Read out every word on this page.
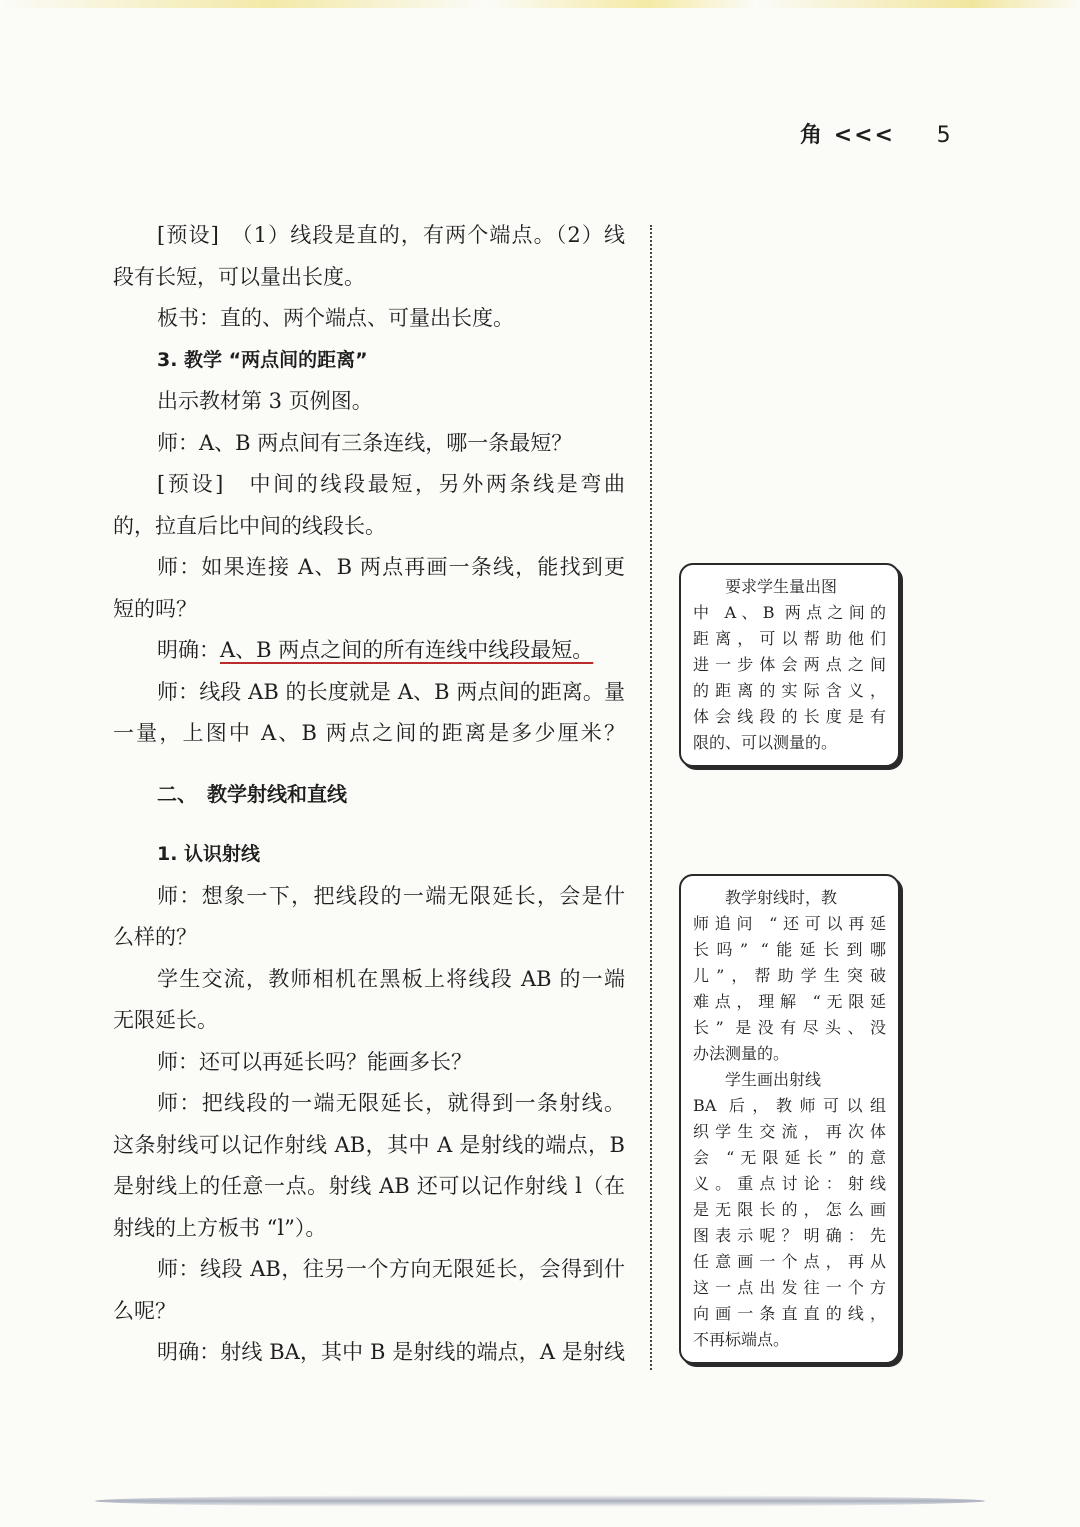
角 <<< 5
[预设]　（1）线段是直的，有两个端点。（2）线
段有长短，可以量出长度。
板书：直的、两个端点、可量出长度。
3. 教学 “两点间的距离”
出示教材第 3 页例图。
师：A、B 两点间有三条连线，哪一条最短？
[预设]　中间的线段最短，另外两条线是弯曲
的，拉直后比中间的线段长。
师：如果连接 A、B 两点再画一条线，能找到更
短的吗？
明确：A、B 两点之间的所有连线中线段最短。
师：线段 AB 的长度就是 A、B 两点间的距离。量
一量，上图中 A、B 两点之间的距离是多少厘米？
二、　教学射线和直线
1. 认识射线
师：想象一下，把线段的一端无限延长，会是什
么样的？
学生交流，教师相机在黑板上将线段 AB 的一端
无限延长。
师：还可以再延长吗？能画多长？
师：把线段的一端无限延长，就得到一条射线。
这条射线可以记作射线 AB，其中 A 是射线的端点，B
是射线上的任意一点。射线 AB 还可以记作射线 l（在
射线的上方板书 “l”）。
师：线段 AB，往另一个方向无限延长，会得到什
么呢？
明确：射线 BA，其中 B 是射线的端点，A 是射线
要求学生量出图
中 A、B 两点之间的
距离，可以帮助他们
进一步体会两点之间
的距离的实际含义，
体会线段的长度是有
限的、可以测量的。
教学射线时，教
师追问 “还可以再延
长吗” “能延长到哪
儿”，帮助学生突破
难点，理解 “无限延
长” 是没有尽头、没
办法测量的。
学生画出射线
BA 后，教师可以组
织学生交流，再次体
会 “无限延长” 的意
义。重点讨论：射线
是无限长的，怎么画
图表示呢？明确：先
任意画一个点，再从
这一点出发往一个方
向画一条直直的线，
不再标端点。
